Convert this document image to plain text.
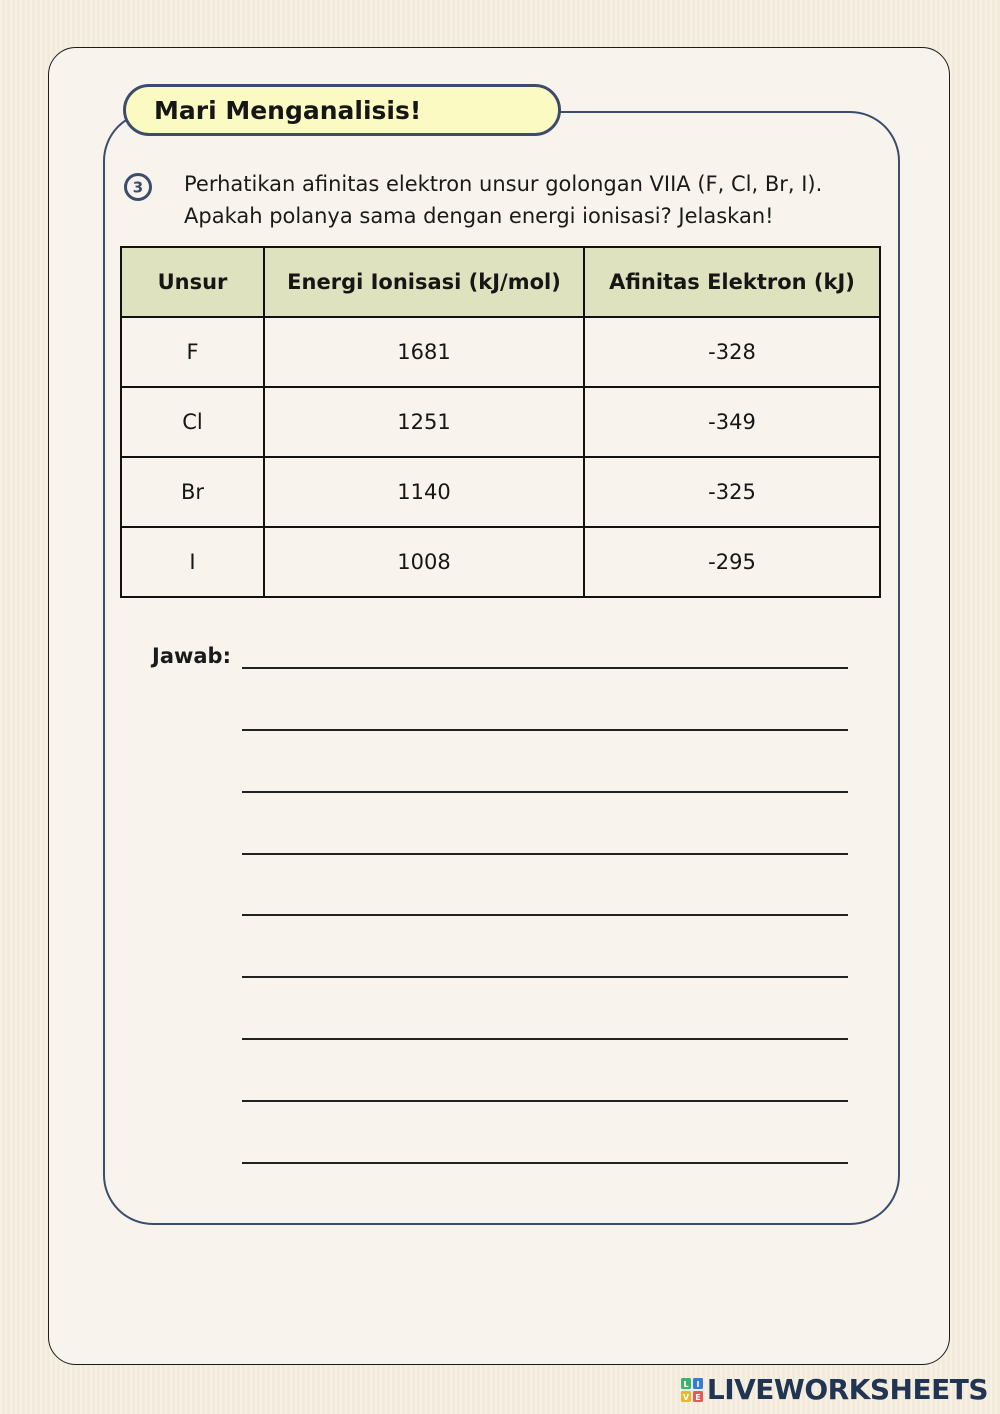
Mari Menganalisis!
3 Perhatikan afinitas elektron unsur golongan VIIA (F, Cl, Br, I).
Apakah polanya sama dengan energi ionisasi? Jelaskan!
Unsur	Energi Ionisasi (kJ/mol)	Afinitas Elektron (kJ)
F	1681	-328
Cl	1251	-349
Br	1140	-325
I	1008	-295
Jawab:
L I
V E LIVEWORKSHEETS
